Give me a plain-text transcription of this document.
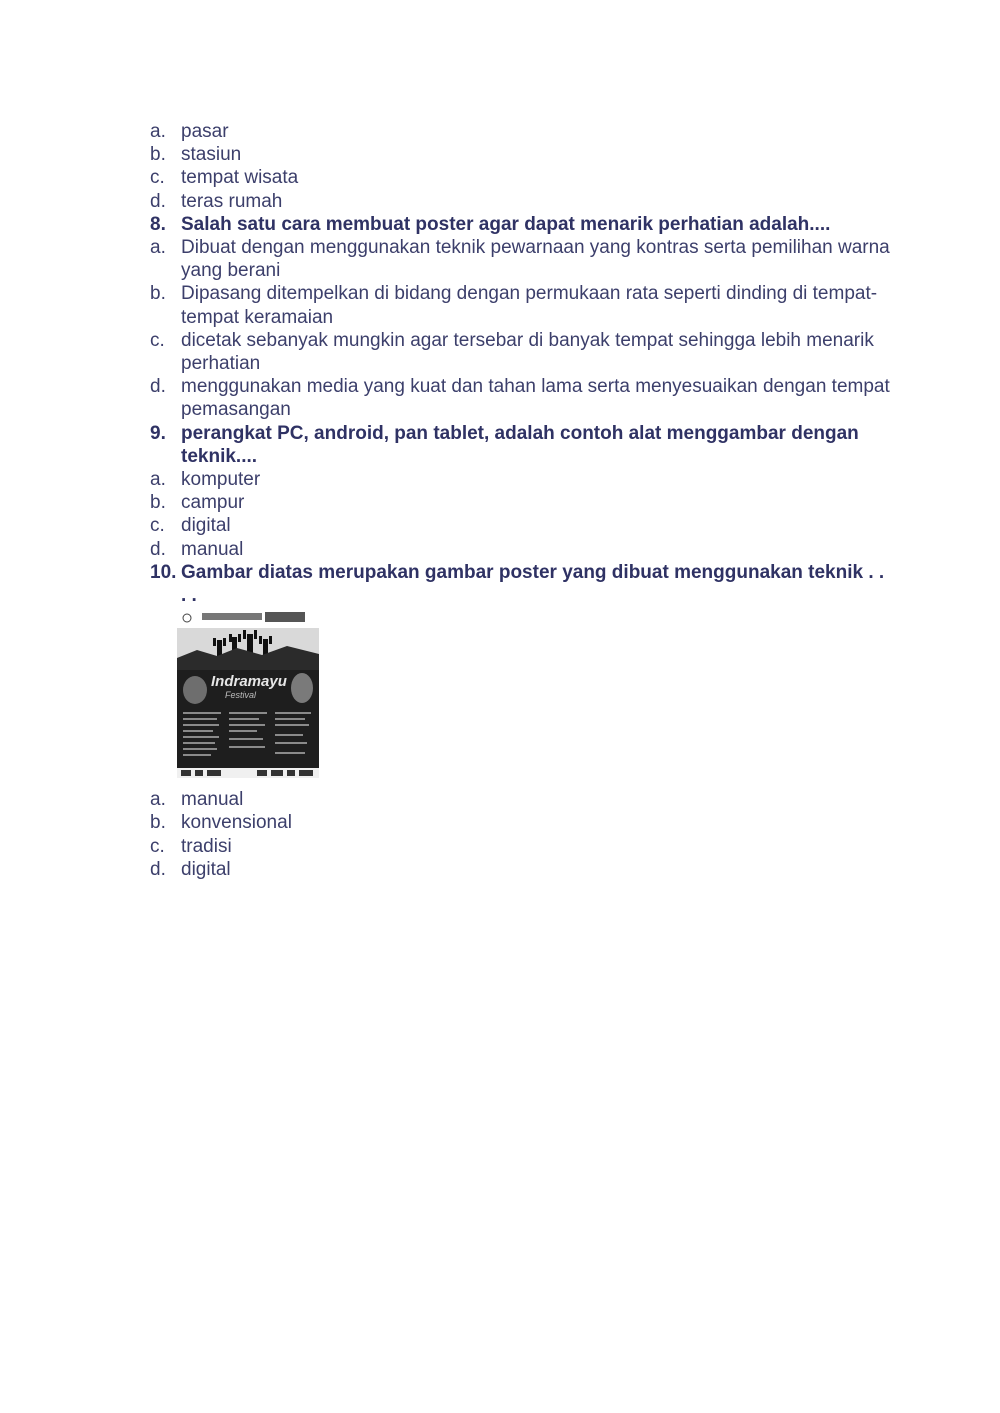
a. pasar
b. stasiun
c. tempat wisata
d. teras rumah
8. Salah satu cara membuat poster agar dapat menarik perhatian adalah....
a. Dibuat dengan menggunakan teknik pewarnaan yang kontras serta pemilihan warna yang berani
b. Dipasang ditempelkan di bidang dengan permukaan rata seperti dinding di tempat-tempat keramaian
c. dicetak sebanyak mungkin agar tersebar di banyak tempat sehingga lebih menarik perhatian
d. menggunakan media yang kuat dan tahan lama serta menyesuaikan dengan tempat pemasangan
9. perangkat PC, android, pan tablet, adalah contoh alat menggambar dengan teknik....
a. komputer
b. campur
c. digital
d. manual
10. Gambar diatas merupakan gambar poster yang dibuat menggunakan teknik . . . .
Indramayu
Festival
a. manual
b. konvensional
c. tradisi
d. digital
